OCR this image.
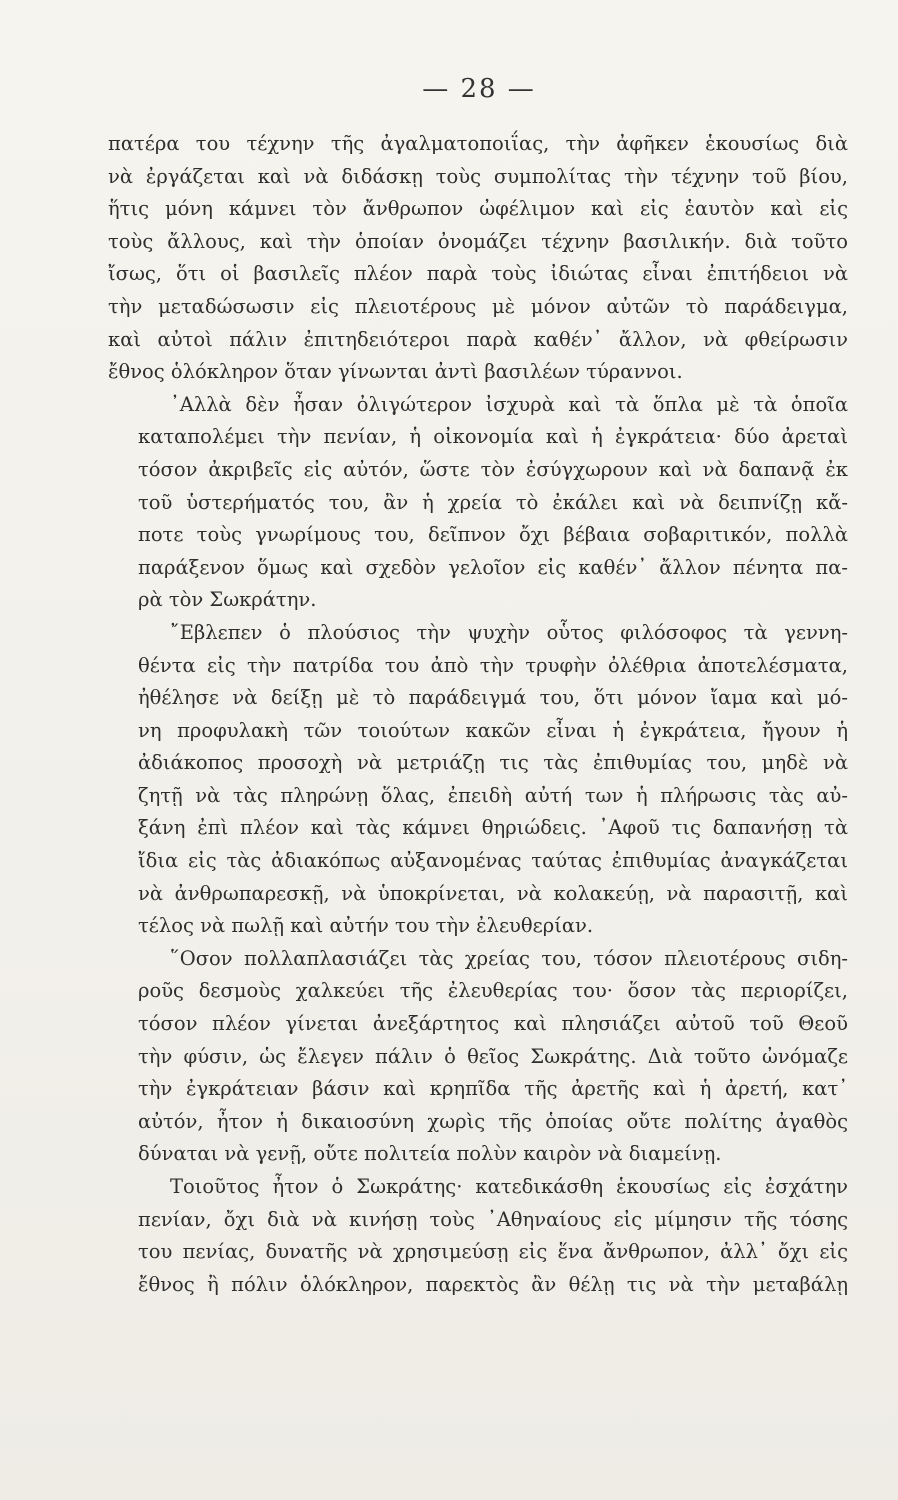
— 28 —
πατέρα του τέχνην τῆς ἀγαλματοποιΐας, τὴν ἀφῆκεν ἑκουσίως διὰ
νὰ ἐργάζεται καὶ νὰ διδάσκῃ τοὺς συμπολίτας τὴν τέχνην τοῦ βίου,
ἥτις μόνη κάμνει τὸν ἄνθρωπον ὠφέλιμον καὶ εἰς ἑαυτὸν καὶ εἰς
τοὺς ἄλλους, καὶ τὴν ὁποίαν ὀνομάζει τέχνην βασιλικήν. διὰ τοῦτο
ἴσως, ὅτι οἱ βασιλεῖς πλέον παρὰ τοὺς ἰδιώτας εἶναι ἐπιτήδειοι νὰ
τὴν μεταδώσωσιν εἰς πλειοτέρους μὲ μόνον αὐτῶν τὸ παράδειγμα,
καὶ αὐτοὶ πάλιν ἐπιτηδειότεροι παρὰ καθέν᾽ ἄλλον, νὰ φθείρωσιν
ἔθνος ὁλόκληρον ὅταν γίνωνται ἀντὶ βασιλέων τύραννοι.
᾽Αλλὰ δὲν ἦσαν ὀλιγώτερον ἰσχυρὰ καὶ τὰ ὅπλα μὲ τὰ ὁποῖα
καταπολέμει τὴν πενίαν, ἡ οἰκονομία καὶ ἡ ἐγκράτεια· δύο ἀρεταὶ
τόσον ἀκριβεῖς εἰς αὐτόν, ὥστε τὸν ἐσύγχωρουν καὶ νὰ δαπανᾷ ἐκ
τοῦ ὑστερήματός του, ἂν ἡ χρεία τὸ ἐκάλει καὶ νὰ δειπνίζῃ κἄ-
ποτε τοὺς γνωρίμους του, δεῖπνον ὄχι βέβαια σοβαριτικόν, πολλὰ
παράξενον ὅμως καὶ σχεδὸν γελοῖον εἰς καθέν᾽ ἄλλον πένητα πα-
ρὰ τὸν Σωκράτην.
῎Εβλεπεν ὁ πλούσιος τὴν ψυχὴν οὗτος φιλόσοφος τὰ γεννη-
θέντα εἰς τὴν πατρίδα του ἀπὸ τὴν τρυφὴν ὀλέθρια ἀποτελέσματα,
ἠθέλησε νὰ δείξῃ μὲ τὸ παράδειγμά του, ὅτι μόνον ἴαμα καὶ μό-
νη προφυλακὴ τῶν τοιούτων κακῶν εἶναι ἡ ἐγκράτεια, ἤγουν ἡ
ἀδιάκοπος προσοχὴ νὰ μετριάζῃ τις τὰς ἐπιθυμίας του, μηδὲ νὰ
ζητῇ νὰ τὰς πληρώνῃ ὅλας, ἐπειδὴ αὐτή των ἡ πλήρωσις τὰς αὐ-
ξάνη ἐπὶ πλέον καὶ τὰς κάμνει θηριώδεις. ᾽Αφοῦ τις δαπανήσῃ τὰ
ἴδια εἰς τὰς ἀδιακόπως αὐξανομένας ταύτας ἐπιθυμίας ἀναγκάζεται
νὰ ἀνθρωπαρεσκῇ, νὰ ὑποκρίνεται, νὰ κολακεύῃ, νὰ παρασιτῇ, καὶ
τέλος νὰ πωλῇ καὶ αὐτήν του τὴν ἐλευθερίαν.
῞Οσον πολλαπλασιάζει τὰς χρείας του, τόσον πλειοτέρους σιδη-
ροῦς δεσμοὺς χαλκεύει τῆς ἐλευθερίας του· ὅσον τὰς περιορίζει,
τόσον πλέον γίνεται ἀνεξάρτητος καὶ πλησιάζει αὐτοῦ τοῦ Θεοῦ
τὴν φύσιν, ὡς ἔλεγεν πάλιν ὁ θεῖος Σωκράτης. Διὰ τοῦτο ὠνόμαζε
τὴν ἐγκράτειαν βάσιν καὶ κρηπῖδα τῆς ἀρετῆς καὶ ἡ ἀρετή, κατ᾽
αὐτόν, ἦτον ἡ δικαιοσύνη χωρὶς τῆς ὁποίας οὔτε πολίτης ἀγαθὸς
δύναται νὰ γενῇ, οὔτε πολιτεία πολὺν καιρὸν νὰ διαμείνῃ.
Τοιοῦτος ἦτον ὁ Σωκράτης· κατεδικάσθη ἑκουσίως εἰς ἐσχάτην
πενίαν, ὄχι διὰ νὰ κινήσῃ τοὺς ᾽Αθηναίους εἰς μίμησιν τῆς τόσης
του πενίας, δυνατῆς νὰ χρησιμεύσῃ εἰς ἕνα ἄνθρωπον, ἀλλ᾽ ὄχι εἰς
ἔθνος ἢ πόλιν ὁλόκληρον, παρεκτὸς ἂν θέλῃ τις νὰ τὴν μεταβάλῃ
